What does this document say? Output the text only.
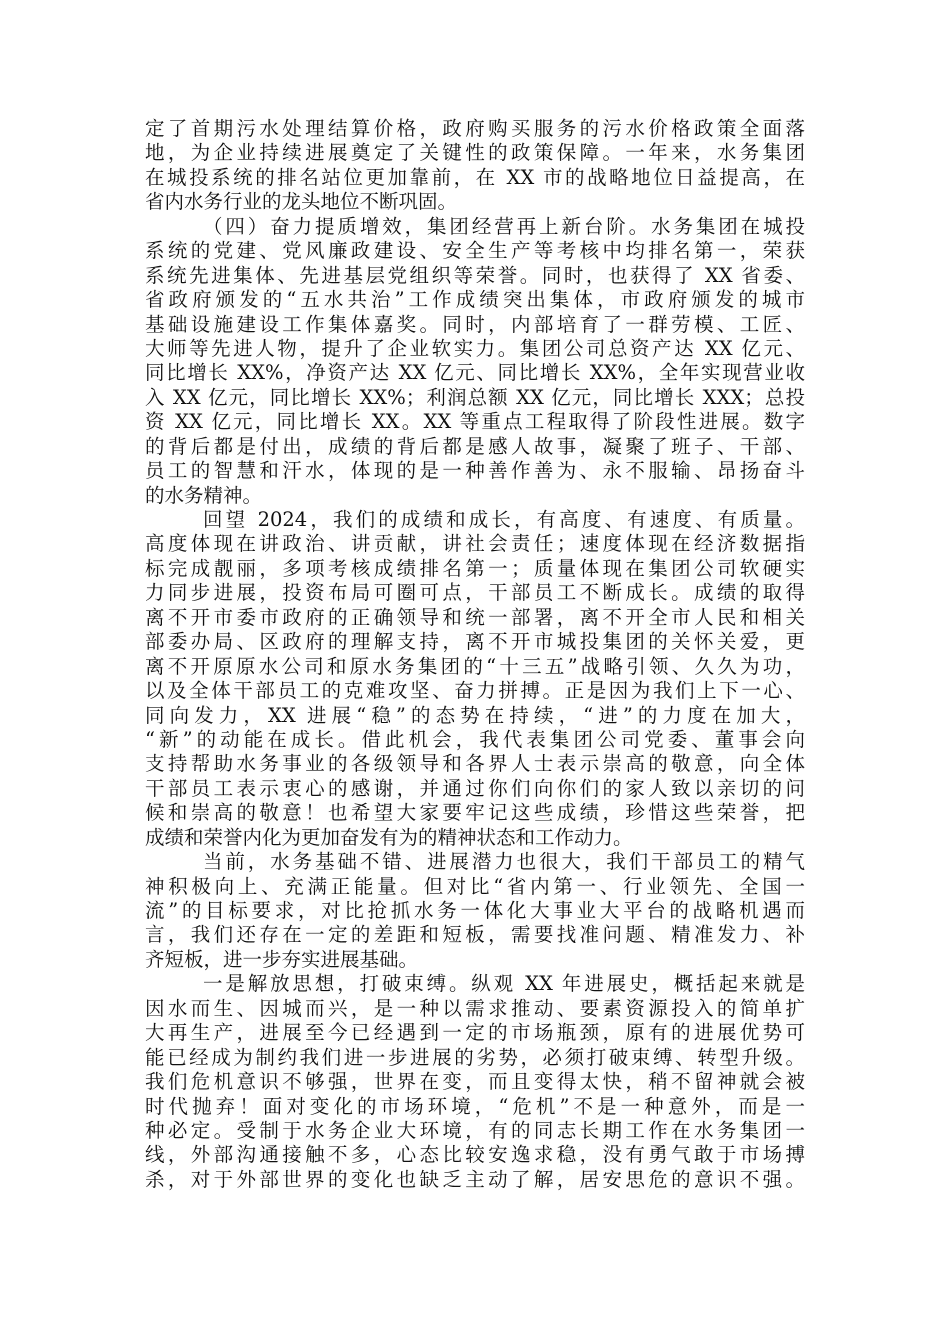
定了首期污水处理结算价格，政府购买服务的污水价格政策全面落
地，为企业持续进展奠定了关键性的政策保障。一年来，水务集团
在城投系统的排名站位更加靠前，在 XX 市的战略地位日益提高，在
省内水务行业的龙头地位不断巩固。
（四）奋力提质增效，集团经营再上新台阶。水务集团在城投
系统的党建、党风廉政建设、安全生产等考核中均排名第一，荣获
系统先进集体、先进基层党组织等荣誉。同时，也获得了 XX 省委、
省政府颁发的“五水共治”工作成绩突出集体，市政府颁发的城市
基础设施建设工作集体嘉奖。同时，内部培育了一群劳模、工匠、
大师等先进人物，提升了企业软实力。集团公司总资产达 XX 亿元、
同比增长 XX%，净资产达 XX 亿元、同比增长 XX%，全年实现营业收
入 XX 亿元，同比增长 XX%；利润总额 XX 亿元，同比增长 XXX；总投
资 XX 亿元，同比增长 XX。XX 等重点工程取得了阶段性进展。数字
的背后都是付出，成绩的背后都是感人故事，凝聚了班子、干部、
员工的智慧和汗水，体现的是一种善作善为、永不服输、昂扬奋斗
的水务精神。
回望 2024，我们的成绩和成长，有高度、有速度、有质量。
高度体现在讲政治、讲贡献，讲社会责任；速度体现在经济数据指
标完成靓丽，多项考核成绩排名第一；质量体现在集团公司软硬实
力同步进展，投资布局可圈可点，干部员工不断成长。成绩的取得
离不开市委市政府的正确领导和统一部署，离不开全市人民和相关
部委办局、区政府的理解支持，离不开市城投集团的关怀关爱，更
离不开原原水公司和原水务集团的“十三五”战略引领、久久为功，
以及全体干部员工的克难攻坚、奋力拼搏。正是因为我们上下一心、
同向发力，XX 进展“稳”的态势在持续，“进”的力度在加大，
“新”的动能在成长。借此机会，我代表集团公司党委、董事会向
支持帮助水务事业的各级领导和各界人士表示崇高的敬意，向全体
干部员工表示衷心的感谢，并通过你们向你们的家人致以亲切的问
候和崇高的敬意！也希望大家要牢记这些成绩，珍惜这些荣誉，把
成绩和荣誉内化为更加奋发有为的精神状态和工作动力。
当前，水务基础不错、进展潜力也很大，我们干部员工的精气
神积极向上、充满正能量。但对比“省内第一、行业领先、全国一
流”的目标要求，对比抢抓水务一体化大事业大平台的战略机遇而
言，我们还存在一定的差距和短板，需要找准问题、精准发力、补
齐短板，进一步夯实进展基础。
一是解放思想，打破束缚。纵观 XX 年进展史，概括起来就是
因水而生、因城而兴，是一种以需求推动、要素资源投入的简单扩
大再生产，进展至今已经遇到一定的市场瓶颈，原有的进展优势可
能已经成为制约我们进一步进展的劣势，必须打破束缚、转型升级。
我们危机意识不够强，世界在变，而且变得太快，稍不留神就会被
时代抛弃！面对变化的市场环境，“危机”不是一种意外，而是一
种必定。受制于水务企业大环境，有的同志长期工作在水务集团一
线，外部沟通接触不多，心态比较安逸求稳，没有勇气敢于市场搏
杀，对于外部世界的变化也缺乏主动了解，居安思危的意识不强。
